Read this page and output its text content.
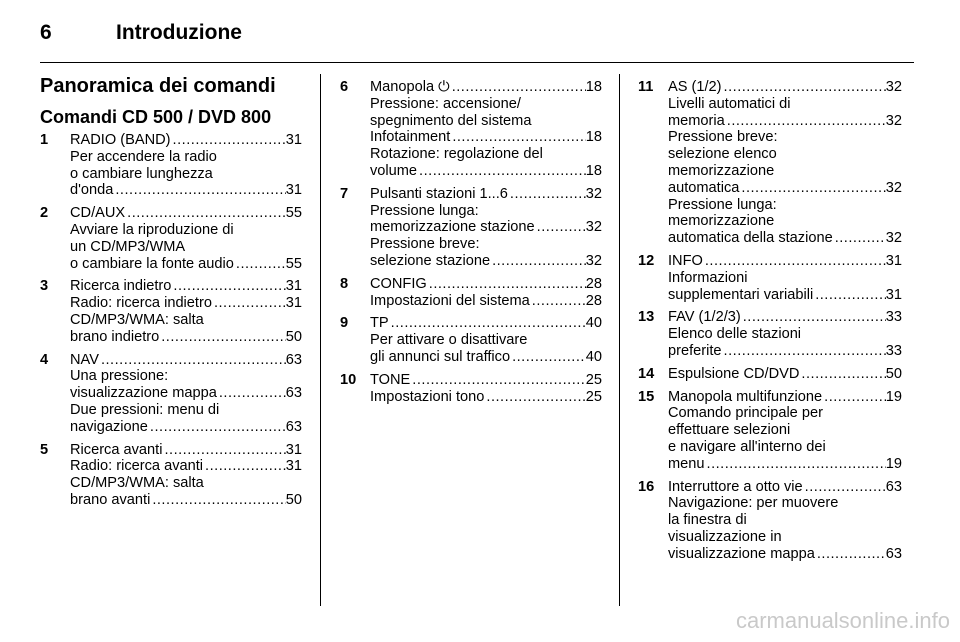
6	Introduzione
Panoramica dei comandi
Comandi CD 500 / DVD 800
1	RADIO (BAND) .....	31
Per accendere la radio
o cambiare lunghezza
d'onda .....	31
2	CD/AUX .....	55
Avviare la riproduzione di
un CD/MP3/WMA
o cambiare la fonte audio .....	55
3	Ricerca indietro .....	31
Radio: ricerca indietro .....	31
CD/MP3/WMA: salta
brano indietro .....	50
4	NAV .....	63
Una pressione:
visualizzazione mappa .....	63
Due pressioni: menu di
navigazione .....	63
5	Ricerca avanti .....	31
Radio: ricerca avanti .....	31
CD/MP3/WMA: salta
brano avanti .....	50
6	Manopola ⏻ .....	18
Pressione: accensione/
spegnimento del sistema
Infotainment .....	18
Rotazione: regolazione del
volume .....	18
7	Pulsanti stazioni 1...6 .....	32
Pressione lunga:
memorizzazione stazione .....	32
Pressione breve:
selezione stazione .....	32
8	CONFIG .....	28
Impostazioni del sistema .....	28
9	TP .....	40
Per attivare o disattivare
gli annunci sul traffico .....	40
10 TONE .....	25
Impostazioni tono .....	25
11 AS (1/2) .....	32
Livelli automatici di
memoria .....	32
Pressione breve:
selezione elenco
memorizzazione
automatica .....	32
Pressione lunga:
memorizzazione
automatica della stazione .....	32
12 INFO .....	31
Informazioni
supplementari variabili .....	31
13 FAV (1/2/3) .....	33
Elenco delle stazioni
preferite .....	33
14 Espulsione CD/DVD .....	50
15 Manopola multifunzione .....	19
Comando principale per
effettuare selezioni
e navigare all'interno dei
menu .....	19
16 Interruttore a otto vie .....	63
Navigazione: per muovere
la finestra di
visualizzazione in
visualizzazione mappa .....	63
carmanualsonline.info
